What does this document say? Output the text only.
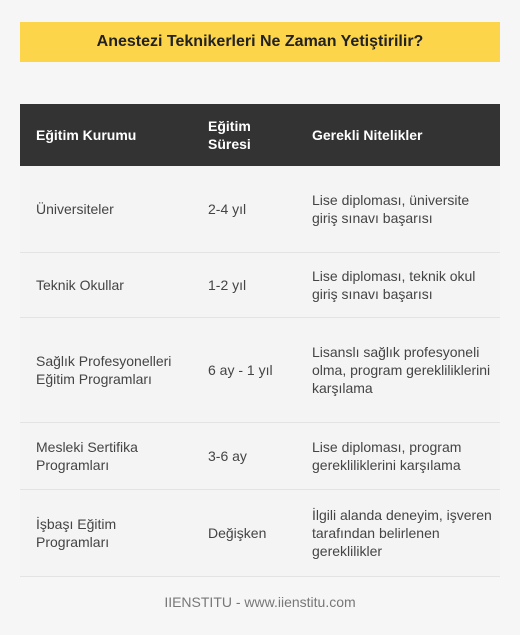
Anestezi Teknikerleri Ne Zaman Yetiştirilir?
Eğitim Kurumu
Eğitim Süresi
Gerekli Nitelikler
Üniversiteler	2-4 yıl
Lise diploması, üniversite giriş sınavı başarısı
Teknik Okullar	1-2 yıl
Lise diploması, teknik okul giriş sınavı başarısı
Sağlık Profesyonelleri Eğitim Programları
6 ay - 1 yıl
Lisanslı sağlık profesyoneli olma, program gerekliliklerini karşılama
Mesleki Sertifika Programları
3-6 ay
Lise diploması, program gerekliliklerini karşılama
İşbaşı Eğitim Programları
Değişken
İlgili alanda deneyim, işveren tarafından belirlenen gereklilikler
IIENSTITU - www.iienstitu.com
